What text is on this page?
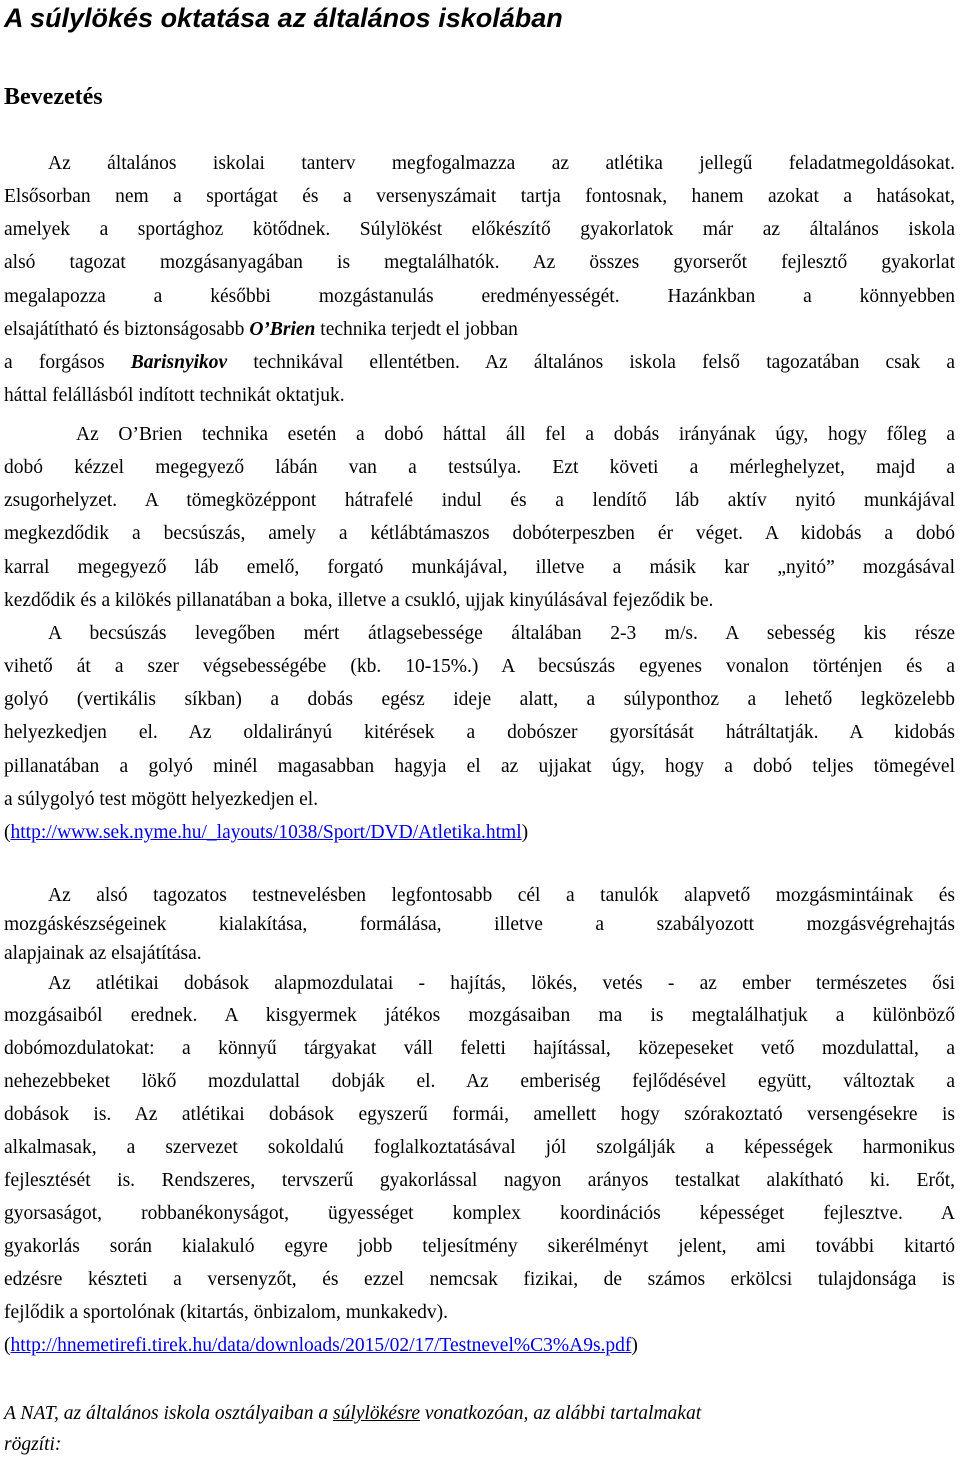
A súlylökés oktatása az általános iskolában
Bevezetés
Az általános iskolai tanterv megfogalmazza az atlétika jellegű feladatmegoldásokat.
Elsősorban nem a sportágat és a versenyszámait tartja fontosnak, hanem azokat a hatásokat,
amelyek a sportághoz kötődnek. Súlylökést előkészítő gyakorlatok már az általános iskola
alsó tagozat mozgásanyagában is megtalálhatók. Az összes gyorserőt fejlesztő gyakorlat
megalapozza a későbbi mozgástanulás eredményességét. Hazánkban a könnyebben
elsajátítható és biztonságosabb O’Brien technika terjedt el jobban
a forgásos Barisnyikov technikával ellentétben. Az általános iskola felső tagozatában csak a
háttal felállásból indított technikát oktatjuk.
Az O’Brien technika esetén a dobó háttal áll fel a dobás irányának úgy, hogy főleg a
dobó kézzel megegyező lábán van a testsúlya. Ezt követi a mérleghelyzet, majd a
zsugorhelyzet. A tömegközéppont hátrafelé indul és a lendítő láb aktív nyitó munkájával
megkezdődik a becsúszás, amely a kétlábtámaszos dobóterpeszben ér véget. A kidobás a dobó
karral megegyező láb emelő, forgató munkájával, illetve a másik kar „nyitó” mozgásával
kezdődik és a kilökés pillanatában a boka, illetve a csukló, ujjak kinyúlásával fejeződik be.
A becsúszás levegőben mért átlagsebessége általában 2-3 m/s. A sebesség kis része
vihető át a szer végsebességébe (kb. 10-15%.) A becsúszás egyenes vonalon történjen és a
golyó (vertikális síkban) a dobás egész ideje alatt, a súlyponthoz a lehető legközelebb
helyezkedjen el. Az oldalirányú kitérések a dobószer gyorsítását hátráltatják. A kidobás
pillanatában a golyó minél magasabban hagyja el az ujjakat úgy, hogy a dobó teljes tömegével
a súlygolyó test mögött helyezkedjen el.
(http://www.sek.nyme.hu/_layouts/1038/Sport/DVD/Atletika.html)
Az alsó tagozatos testnevelésben legfontosabb cél a tanulók alapvető mozgásmintáinak és
mozgáskészségeinek kialakítása, formálása, illetve a szabályozott mozgásvégrehajtás
alapjainak az elsajátítása.
Az atlétikai dobások alapmozdulatai - hajítás, lökés, vetés - az ember természetes ősi
mozgásaiból erednek. A kisgyermek játékos mozgásaiban ma is megtalálhatjuk a különböző
dobómozdulatokat: a könnyű tárgyakat váll feletti hajítással, közepeseket vető mozdulattal, a
nehezebbeket lökő mozdulattal dobják el. Az emberiség fejlődésével együtt, változtak a
dobások is. Az atlétikai dobások egyszerű formái, amellett hogy szórakoztató versengésekre is
alkalmasak, a szervezet sokoldalú foglalkoztatásával jól szolgálják a képességek harmonikus
fejlesztését is. Rendszeres, tervszerű gyakorlással nagyon arányos testalkat alakítható ki. Erőt,
gyorsaságot, robbanékonyságot, ügyességet komplex koordinációs képességet fejlesztve. A
gyakorlás során kialakuló egyre jobb teljesítmény sikerélményt jelent, ami további kitartó
edzésre készteti a versenyzőt, és ezzel nemcsak fizikai, de számos erkölcsi tulajdonsága is
fejlődik a sportolónak (kitartás, önbizalom, munkakedv).
(http://hnemetirefi.tirek.hu/data/downloads/2015/02/17/Testnevel%C3%A9s.pdf)
A NAT, az általános iskola osztályaiban a súlylökésre vonatkozóan, az alábbi tartalmakat
rögzíti:
